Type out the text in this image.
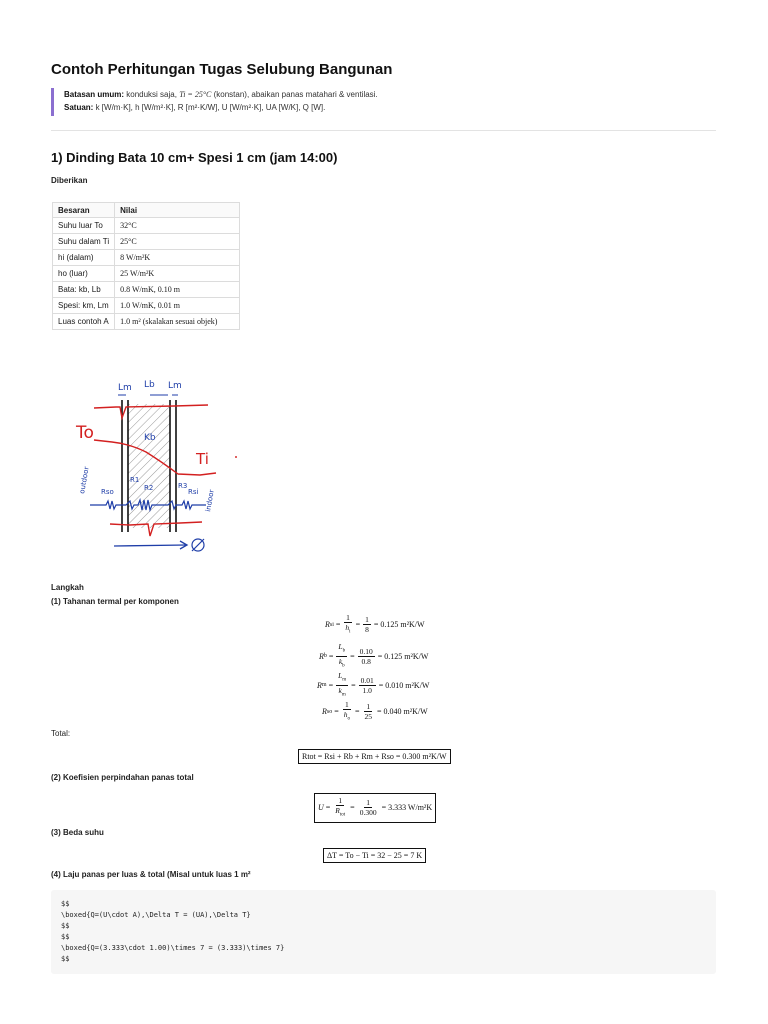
Contoh Perhitungan Tugas Selubung Bangunan
Batasan umum: konduksi saja, Ti = 25°C (konstan), abaikan panas matahari & ventilasi.
Satuan: k [W/m·K], h [W/m²·K], R [m²·K/W], U [W/m²·K], UA [W/K], Q [W].
1) Dinding Bata 10 cm+ Spesi 1 cm (jam 14:00)
Diberikan
Besaran	Nilai
Suhu luar To	32°C
Suhu dalam Ti	25°C
hi (dalam)	8 W/m²K
ho (luar)	25 W/m²K
Bata: kb, Lb	0.8 W/mK, 0.10 m
Spesi: km, Lm	1.0 W/mK, 0.01 m
Luas contoh A	1.0 m² (skalakan sesuai objek)
Lm Lb Lm
Kb
To
Ti
outdoor
indoor
Rso
R1
R2	R3
Rsi
Langkah
(1) Tahanan termal per komponen
R si = $\frac{1}{h_i} = \frac{1}{8} = 0.125$ m²K/W
R $b = \frac{L_b}{k_b} = \frac{0.10}{0.8} = 0.125$ m²K/W
R $m = \frac{L_m}{k_m} = \frac{0.01}{1.0} = 0.010$ m²K/W
R so = $\frac{1}{h_o} = \frac{1}{25} = 0.040$ m²K/W
Total:
Rtot = Rsi + Rb + Rm + Rso = 0.300 m²K/W
(2) Koefisien perpindahan panas total
$U = \frac{1}{R_{tot}} = \frac{1}{0.300} = 3.333$ W/m²K
(3) Beda suhu
ΔT = To − Ti = 32 − 25 = 7 K
(4) Laju panas per luas & total (Misal untuk luas 1 m²
$$
\boxed{Q=(U\cdot A),\Delta T = (UA),\Delta T}
$$
$$
\boxed{Q=(3.333\cdot 1.00)\times 7 = (3.333)\times 7}
$$
